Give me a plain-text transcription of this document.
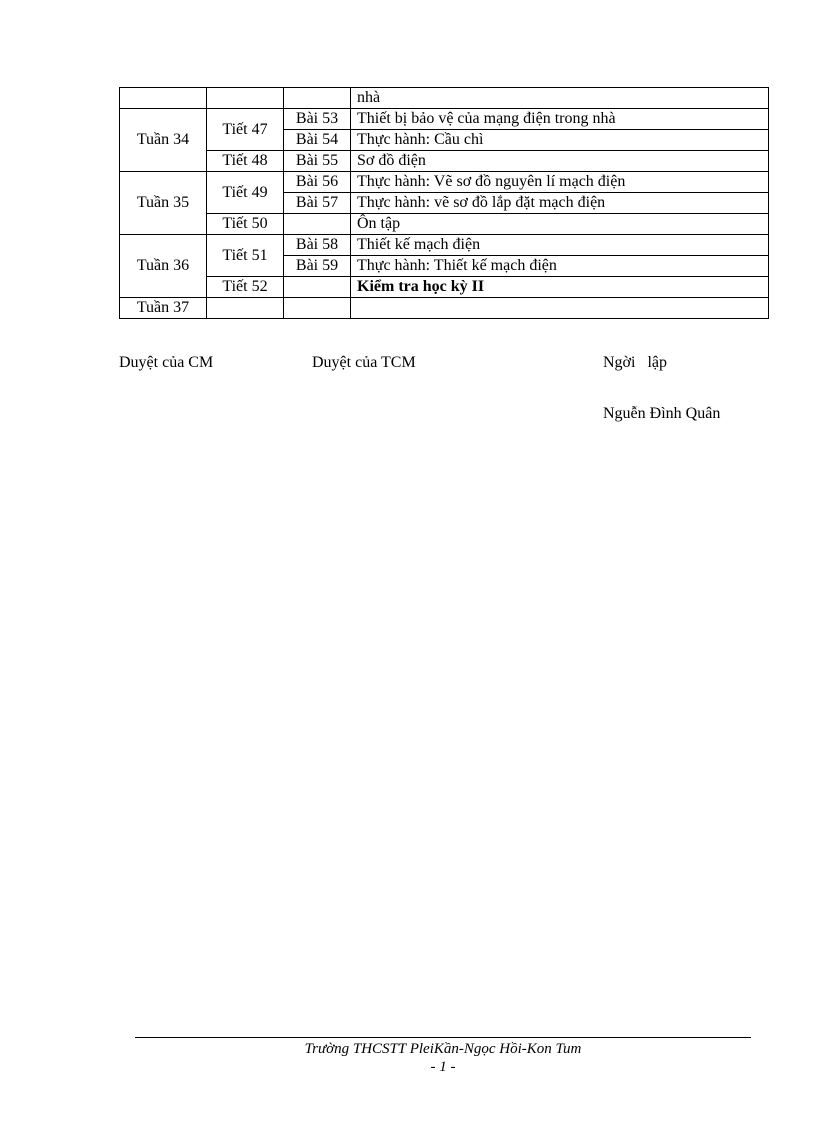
			nhà
Tuần 34	Tiết 47	Bài 53	Thiết bị bảo vệ của mạng điện trong nhà
		Bài 54	Thực hành: Cầu chì
	Tiết 48	Bài 55	Sơ đồ điện
Tuần 35	Tiết 49	Bài 56	Thực hành: Vẽ sơ đồ nguyên lí mạch điện
		Bài 57	Thực hành: vẽ sơ đồ lắp đặt mạch điện
	Tiết 50		Ôn tập
Tuần 36	Tiết 51	Bài 58	Thiết kế mạch điện
		Bài 59	Thực hành: Thiết kế mạch điện
	Tiết 52		Kiểm tra học kỳ II
Tuần 37			
Duyệt của CM	Duyệt của TCM	Ngời   lập
Nguễn Đình Quân
Trường THCSTT PleiKần-Ngọc Hồi-Kon Tum
- 1 -
